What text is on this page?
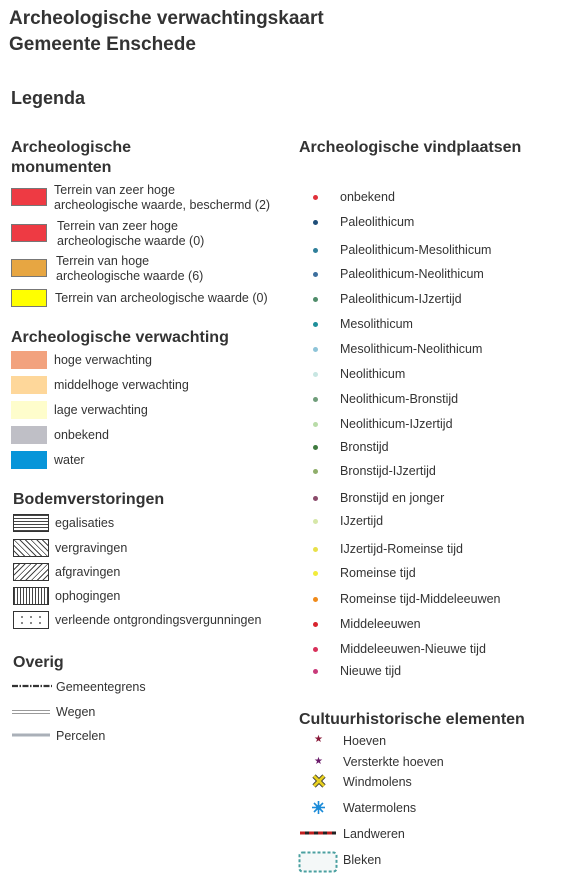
Archeologische verwachtingskaart
Gemeente Enschede
Legenda
Archeologische
monumenten
Terrein van zeer hoge
archeologische waarde, beschermd (2)
Terrein van zeer hoge
archeologische waarde (0)
Terrein van hoge
archeologische waarde (6)
Terrein van archeologische waarde (0)
Archeologische verwachting
hoge verwachting
middelhoge verwachting
lage verwachting
onbekend
water
Bodemverstoringen
egalisaties
vergravingen
afgravingen
ophogingen
verleende ontgrondingsvergunningen
Overig
Gemeentegrens
Wegen
Percelen
Archeologische vindplaatsen
onbekend
Paleolithicum
Paleolithicum-Mesolithicum
Paleolithicum-Neolithicum
Paleolithicum-IJzertijd
Mesolithicum
Mesolithicum-Neolithicum
Neolithicum
Neolithicum-Bronstijd
Neolithicum-IJzertijd
Bronstijd
Bronstijd-IJzertijd
Bronstijd en jonger
IJzertijd
IJzertijd-Romeinse tijd
Romeinse tijd
Romeinse tijd-Middeleeuwen
Middeleeuwen
Middeleeuwen-Nieuwe tijd
Nieuwe tijd
Cultuurhistorische elementen
★ Hoeven
★ Versterkte hoeven
Windmolens
Watermolens
Landweren
Bleken
